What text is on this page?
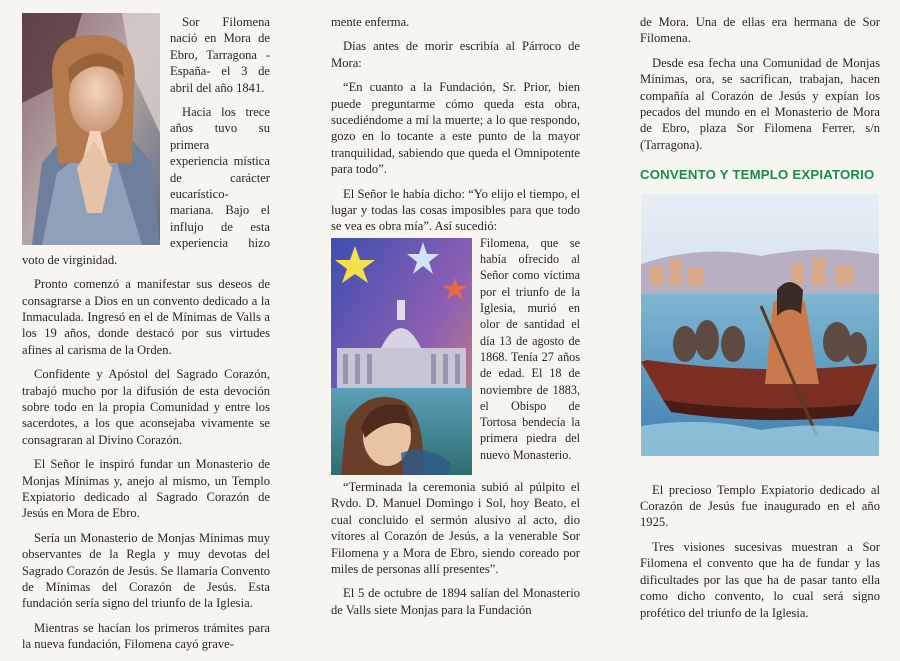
Sor Filomena nació en Mora de Ebro, Tarragona -España- el 3 de abril del año 1841.

Hacia los trece años tuvo su primera experiencia mística de carácter eucarístico-mariana. Bajo el influjo de esta experiencia hizo voto de virginidad.

Pronto comenzó a manifestar sus deseos de consagrarse a Dios en un convento dedicado a la Inmaculada. Ingresó en el de Mínimas de Valls a los 19 años, donde destacó por sus virtudes afines al carisma de la Orden.

Confidente y Apóstol del Sagrado Corazón, trabajó mucho por la difusión de esta devoción sobre todo en la propia Comunidad y entre los sacerdotes, a los que aconsejaba vivamente se consagraran al Divino Corazón.

El Señor le inspiró fundar un Monasterio de Monjas Mínimas y, anejo al mismo, un Templo Expiatorio dedicado al Sagrado Corazón de Jesús en Mora de Ebro.

Sería un Monasterio de Monjas Mínimas muy observantes de la Regla y muy devotas del Sagrado Corazón de Jesús. Se llamaría Convento de Mínimas del Corazón de Jesús. Esta fundación sería signo del triunfo de la Iglesia.

Mientras se hacían los primeros trámites para la nueva fundación, Filomena cayó grave-

mente enferma.

Días antes de morir escribía al Párroco de Mora:

“En cuanto a la Fundación, Sr. Prior, bien puede preguntarme cómo queda esta obra, sucediéndome a mí la muerte; a lo que respondo, gozo en lo tocante a este punto de la mayor tranquilidad, sabiendo que queda el Omnipotente para todo”.

El Señor le había dicho: “Yo elijo el tiempo, el lugar y todas las cosas imposibles para que todo se vea es obra mía”. Así sucedió:

Filomena, que se había ofrecido al Señor como víctima por el triunfo de la Iglesia, murió en olor de santidad el día 13 de agosto de 1868. Tenía 27 años de edad. El 18 de noviembre de 1883, el Obispo de Tortosa bendecía la primera piedra del nuevo Monasterio.

“Terminada la ceremonia subió al púlpito el Rvdo. D. Manuel Domingo i Sol, hoy Beato, el cual concluido el sermón alusivo al acto, dio vítores al Corazón de Jesús, a la venerable Sor Filomena y a Mora de Ebro, siendo coreado por miles de personas allí presentes”.

El 5 de octubre de 1894 salían del Monasterio de Valls siete Monjas para la Fundación

de Mora. Una de ellas era hermana de Sor Filomena.

Desde esa fecha una Comunidad de Monjas Mínimas, ora, se sacrifican, trabajan, hacen compañía al Corazón de Jesús y expían los pecados del mundo en el Monasterio de Mora de Ebro, plaza Sor Filomena Ferrer, s/n (Tarragona).

CONVENTO Y TEMPLO EXPIATORIO

El precioso Templo Expiatorio dedicado al Corazón de Jesús fue inaugurado en el año 1925.

Tres visiones sucesivas muestran a Sor Filomena el convento que ha de fundar y las dificultades por las que ha de pasar tanto ella como dicho convento, lo cual será signo profético del triunfo de la Iglesia.
